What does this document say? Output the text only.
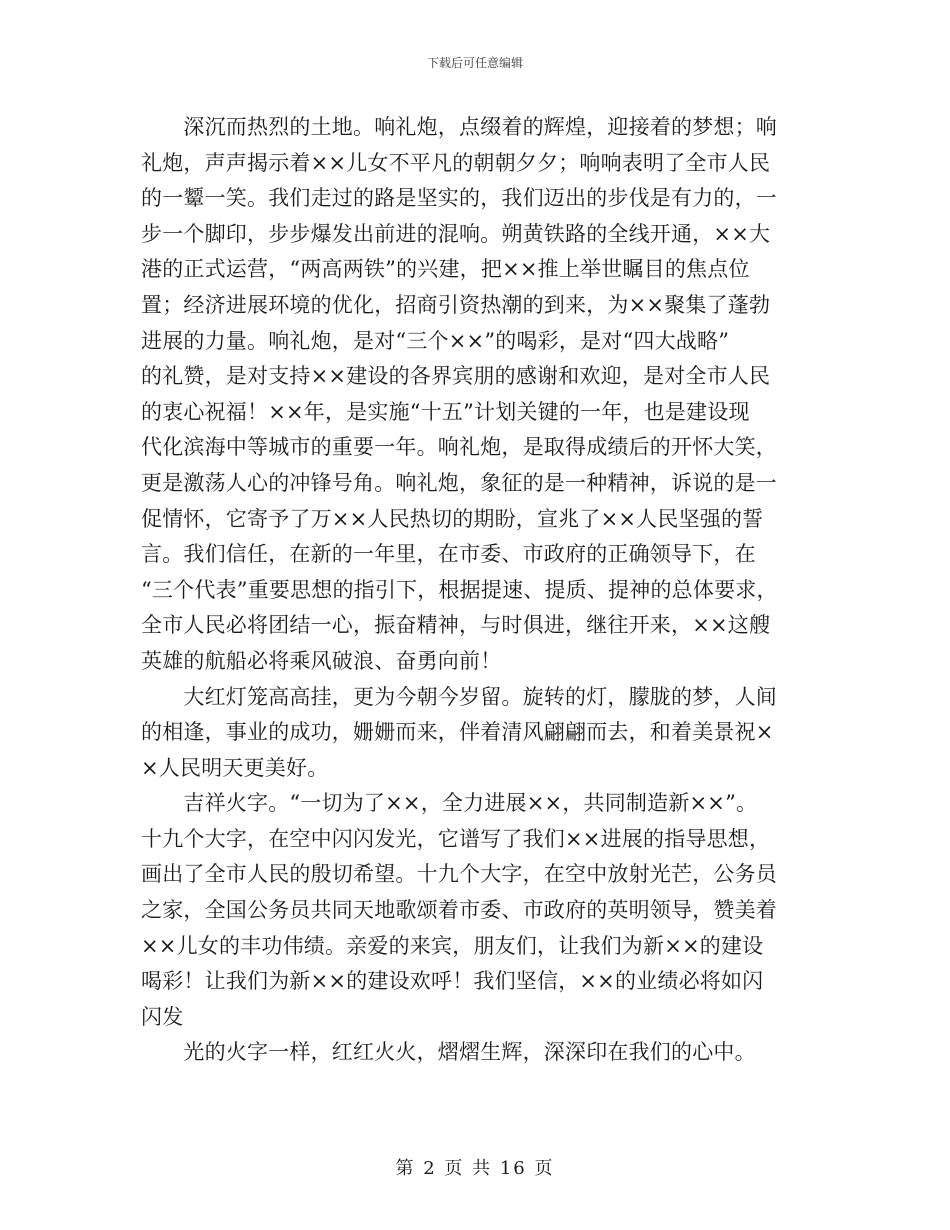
下载后可任意编辑

　　深沉而热烈的土地。响礼炮，点缀着的辉煌，迎接着的梦想；响
礼炮，声声揭示着××儿女不平凡的朝朝夕夕；响响表明了全市人民
的一颦一笑。我们走过的路是坚实的，我们迈出的步伐是有力的，一
步一个脚印，步步爆发出前进的混响。朔黄铁路的全线开通，××大
港的正式运营，“两高两铁”的兴建，把××推上举世瞩目的焦点位
置；经济进展环境的优化，招商引资热潮的到来，为××聚集了蓬勃
进展的力量。响礼炮，是对“三个××”的喝彩，是对“四大战略”
的礼赞，是对支持××建设的各界宾朋的感谢和欢迎，是对全市人民
的衷心祝福！××年，是实施“十五”计划关键的一年，也是建设现
代化滨海中等城市的重要一年。响礼炮，是取得成绩后的开怀大笑，
更是激荡人心的冲锋号角。响礼炮，象征的是一种精神，诉说的是一
促情怀，它寄予了万××人民热切的期盼，宣兆了××人民坚强的誓
言。我们信任，在新的一年里，在市委、市政府的正确领导下，在
“三个代表”重要思想的指引下，根据提速、提质、提神的总体要求，
全市人民必将团结一心，振奋精神，与时俱进，继往开来，××这艘
英雄的航船必将乘风破浪、奋勇向前！

　　大红灯笼高高挂，更为今朝今岁留。旋转的灯，朦胧的梦，人间
的相逢，事业的成功，姗姗而来，伴着清风翩翩而去，和着美景祝×
×人民明天更美好。

　　吉祥火字。“一切为了××，全力进展××，共同制造新××”。
十九个大字，在空中闪闪发光，它谱写了我们××进展的指导思想，
画出了全市人民的殷切希望。十九个大字，在空中放射光芒，公务员
之家，全国公务员共同天地歌颂着市委、市政府的英明领导，赞美着
××儿女的丰功伟绩。亲爱的来宾，朋友们，让我们为新××的建设
喝彩！让我们为新××的建设欢呼！我们坚信，××的业绩必将如闪
闪发

　　光的火字一样，红红火火，熠熠生辉，深深印在我们的心中。

第 2 页 共 16 页
